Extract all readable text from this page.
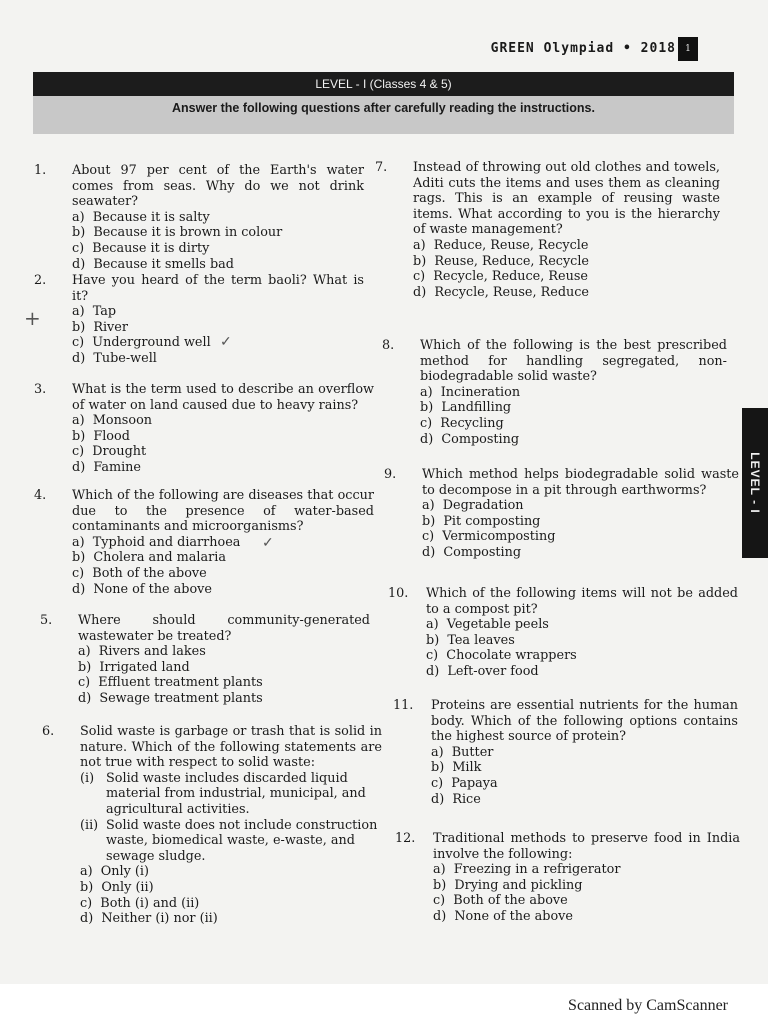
GREEN Olympiad • 2018	1
LEVEL - I (Classes 4 & 5)
Answer the following questions after carefully reading the instructions.
LEVEL - I
1.	About 97 per cent of the Earth's water comes from seas. Why do we not drink seawater?
a)  Because it is salty
b)  Because it is brown in colour
c)  Because it is dirty
d)  Because it smells bad
2.	Have you heard of the term baoli? What is it?
a)  Tap
b)  River
c)  Underground well
d)  Tube-well
3.	What is the term used to describe an overflow of water on land caused due to heavy rains?
a)  Monsoon
b)  Flood
c)  Drought
d)  Famine
4.	Which of the following are diseases that occur due to the presence of water-based contaminants and microorganisms?
a)  Typhoid and diarrhoea
b)  Cholera and malaria
c)  Both of the above
d)  None of the above
5.	Where should community-generated wastewater be treated?
a)  Rivers and lakes
b)  Irrigated land
c)  Effluent treatment plants
d)  Sewage treatment plants
6.	Solid waste is garbage or trash that is solid in nature. Which of the following statements are not true with respect to solid waste:
(i) Solid waste includes discarded liquid material from industrial, municipal, and agricultural activities.
(ii) Solid waste does not include construction waste, biomedical waste, e-waste, and sewage sludge.
a)  Only (i)
b)  Only (ii)
c)  Both (i) and (ii)
d)  Neither (i) nor (ii)
7.	Instead of throwing out old clothes and towels, Aditi cuts the items and uses them as cleaning rags. This is an example of reusing waste items. What according to you is the hierarchy of waste management?
a)  Reduce, Reuse, Recycle
b)  Reuse, Reduce, Recycle
c)  Recycle, Reduce, Reuse
d)  Recycle, Reuse, Reduce
8.	Which of the following is the best prescribed method for handling segregated, non-biodegradable solid waste?
a)  Incineration
b)  Landfilling
c)  Recycling
d)  Composting
9.	Which method helps biodegradable solid waste to decompose in a pit through earthworms?
a)  Degradation
b)  Pit composting
c)  Vermicomposting
d)  Composting
10.	Which of the following items will not be added to a compost pit?
a)  Vegetable peels
b)  Tea leaves
c)  Chocolate wrappers
d)  Left-over food
11.	Proteins are essential nutrients for the human body. Which of the following options contains the highest source of protein?
a)  Butter
b)  Milk
c)  Papaya
d)  Rice
12.	Traditional methods to preserve food in India involve the following:
a)  Freezing in a refrigerator
b)  Drying and pickling
c)  Both of the above
d)  None of the above
✓
✓
+
Scanned by CamScanner
